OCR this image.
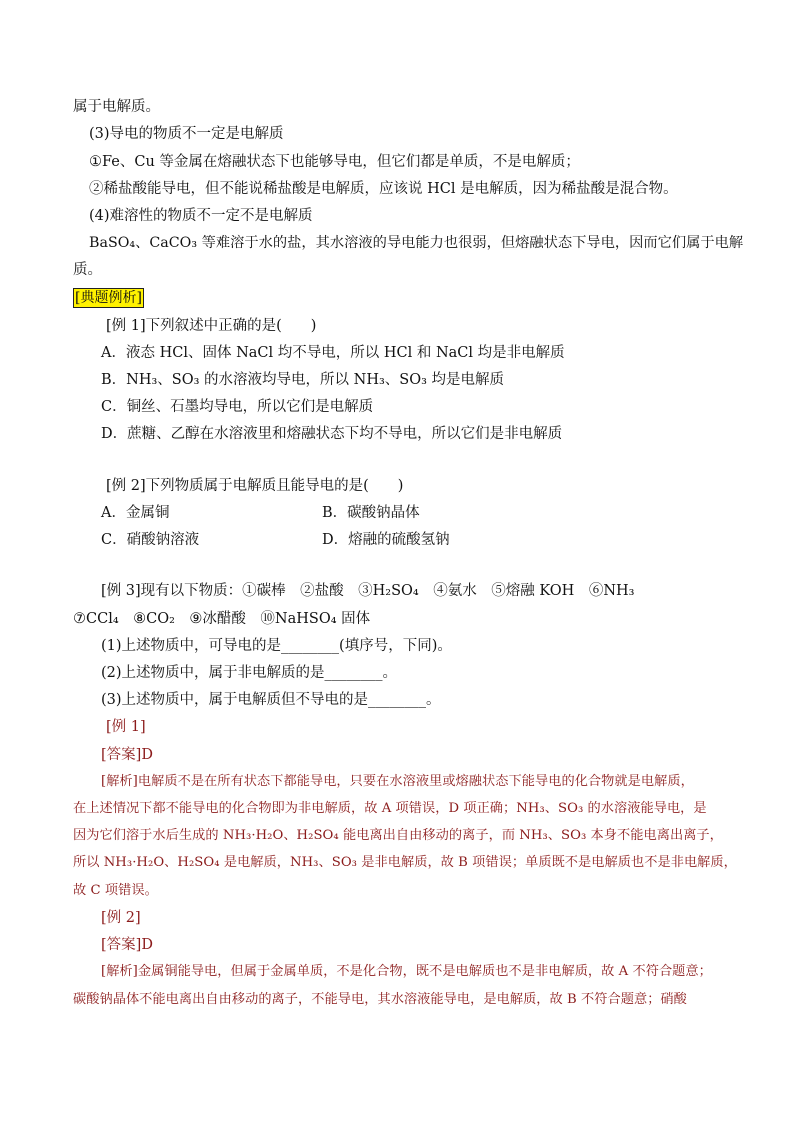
属于电解质。
(3)导电的物质不一定是电解质
①Fe、Cu 等金属在熔融状态下也能够导电，但它们都是单质，不是电解质；
②稀盐酸能导电，但不能说稀盐酸是电解质，应该说 HCl 是电解质，因为稀盐酸是混合物。
(4)难溶性的物质不一定不是电解质
BaSO₄、CaCO₃ 等难溶于水的盐，其水溶液的导电能力也很弱，但熔融状态下导电，因而它们属于电解
质。
[典题例析]
[例 1]下列叙述中正确的是(　　)
A．液态 HCl、固体 NaCl 均不导电，所以 HCl 和 NaCl 均是非电解质
B．NH₃、SO₃ 的水溶液均导电，所以 NH₃、SO₃ 均是电解质
C．铜丝、石墨均导电，所以它们是电解质
D．蔗糖、乙醇在水溶液里和熔融状态下均不导电，所以它们是非电解质
[例 2]下列物质属于电解质且能导电的是(　　)
A．金属铜	B．碳酸钠晶体
C．硝酸钠溶液	D．熔融的硫酸氢钠
[例 3]现有以下物质：①碳棒　②盐酸　③H₂SO₄　④氨水　⑤熔融 KOH　⑥NH₃
⑦CCl₄　⑧CO₂　⑨冰醋酸　⑩NaHSO₄ 固体
(1)上述物质中，可导电的是________(填序号，下同)。
(2)上述物质中，属于非电解质的是________。
(3)上述物质中，属于电解质但不导电的是________。
[例 1]
[答案]D
[解析]电解质不是在所有状态下都能导电，只要在水溶液里或熔融状态下能导电的化合物就是电解质，
在上述情况下都不能导电的化合物即为非电解质，故 A 项错误，D 项正确；NH₃、SO₃ 的水溶液能导电，是
因为它们溶于水后生成的 NH₃·H₂O、H₂SO₄ 能电离出自由移动的离子，而 NH₃、SO₃ 本身不能电离出离子，
所以 NH₃·H₂O、H₂SO₄ 是电解质，NH₃、SO₃ 是非电解质，故 B 项错误；单质既不是电解质也不是非电解质，
故 C 项错误。
[例 2]
[答案]D
[解析]金属铜能导电，但属于金属单质，不是化合物，既不是电解质也不是非电解质，故 A 不符合题意；
碳酸钠晶体不能电离出自由移动的离子，不能导电，其水溶液能导电，是电解质，故 B 不符合题意；硝酸
